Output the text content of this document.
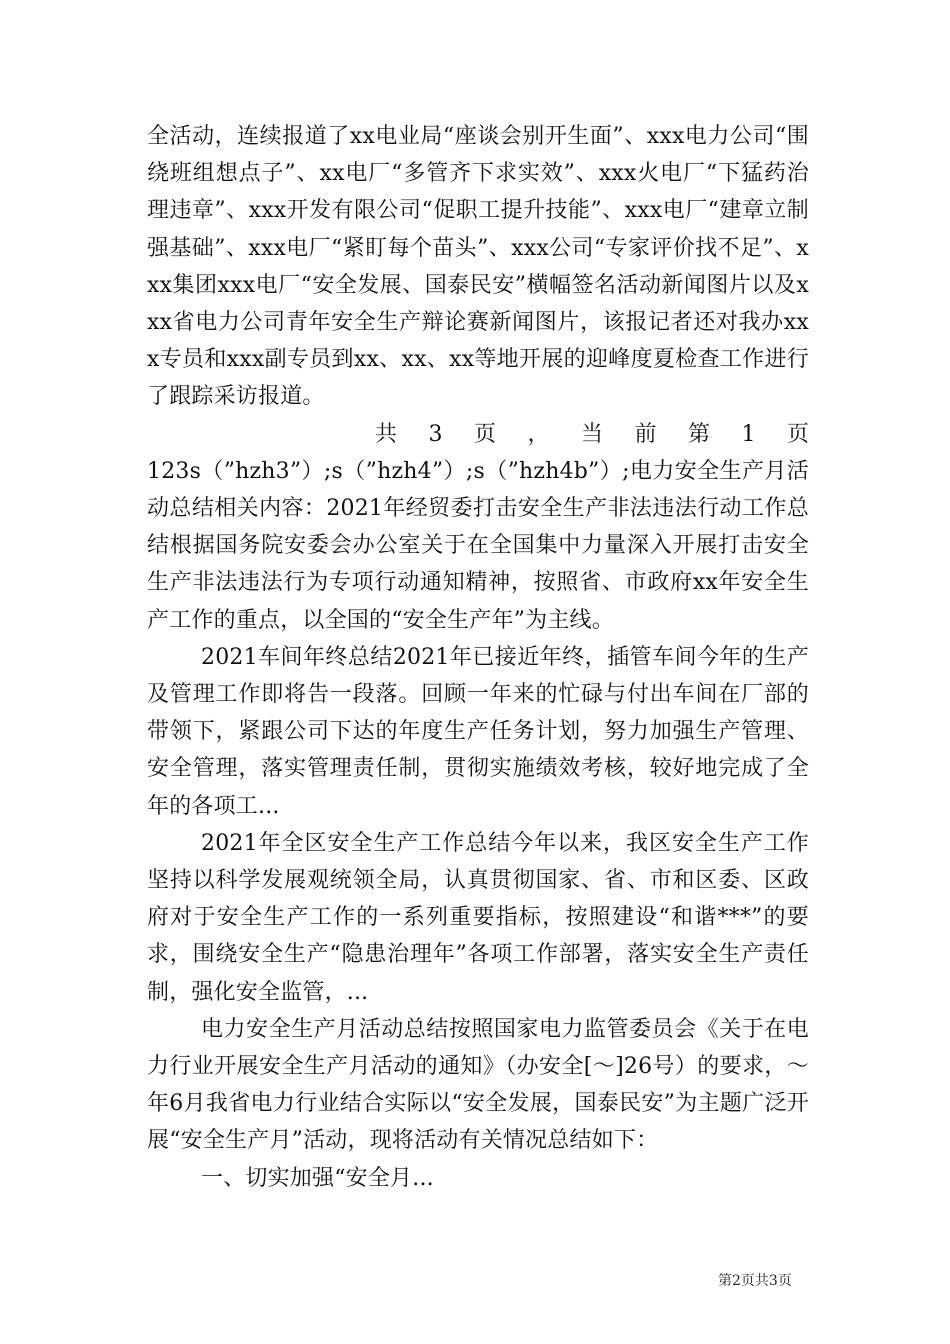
全活动，连续报道了xx电业局“座谈会别开生面”、xxx电力公司“围绕班组想点子”、xx电厂“多管齐下求实效”、xxx火电厂“下猛药治理违章”、xxx开发有限公司“促职工提升技能”、xxx电厂“建章立制强基础”、xxx电厂“紧盯每个苗头”、xxx公司“专家评价找不足”、xxx集团xxx电厂“安全发展、国泰民安”横幅签名活动新闻图片以及xxx省电力公司青年安全生产辩论赛新闻图片，该报记者还对我办xxx专员和xxx副专员到xx、xx、xx等地开展的迎峰度夏检查工作进行了跟踪采访报道。

共 3 页 ， 当 前 第 1 页

123s（”hzh3”）;s（”hzh4”）;s（”hzh4b”）;电力安全生产月活动总结相关内容：2021年经贸委打击安全生产非法违法行动工作总结根据国务院安委会办公室关于在全国集中力量深入开展打击安全生产非法违法行为专项行动通知精神，按照省、市政府xx年安全生产工作的重点，以全国的“安全生产年”为主线。

2021车间年终总结2021年已接近年终，插管车间今年的生产及管理工作即将告一段落。回顾一年来的忙碌与付出车间在厂部的带领下，紧跟公司下达的年度生产任务计划，努力加强生产管理、安全管理，落实管理责任制，贯彻实施绩效考核，较好地完成了全年的各项工...

2021年全区安全生产工作总结今年以来，我区安全生产工作坚持以科学发展观统领全局，认真贯彻国家、省、市和区委、区政府对于安全生产工作的一系列重要指标，按照建设“和谐***”的要求，围绕安全生产“隐患治理年”各项工作部署，落实安全生产责任制，强化安全监管，...

电力安全生产月活动总结按照国家电力监管委员会《关于在电力行业开展安全生产月活动的通知》（办安全[～]26号）的要求，～年6月我省电力行业结合实际以“安全发展，国泰民安”为主题广泛开展“安全生产月”活动，现将活动有关情况总结如下：

一、切实加强“安全月...

第2页共3页
